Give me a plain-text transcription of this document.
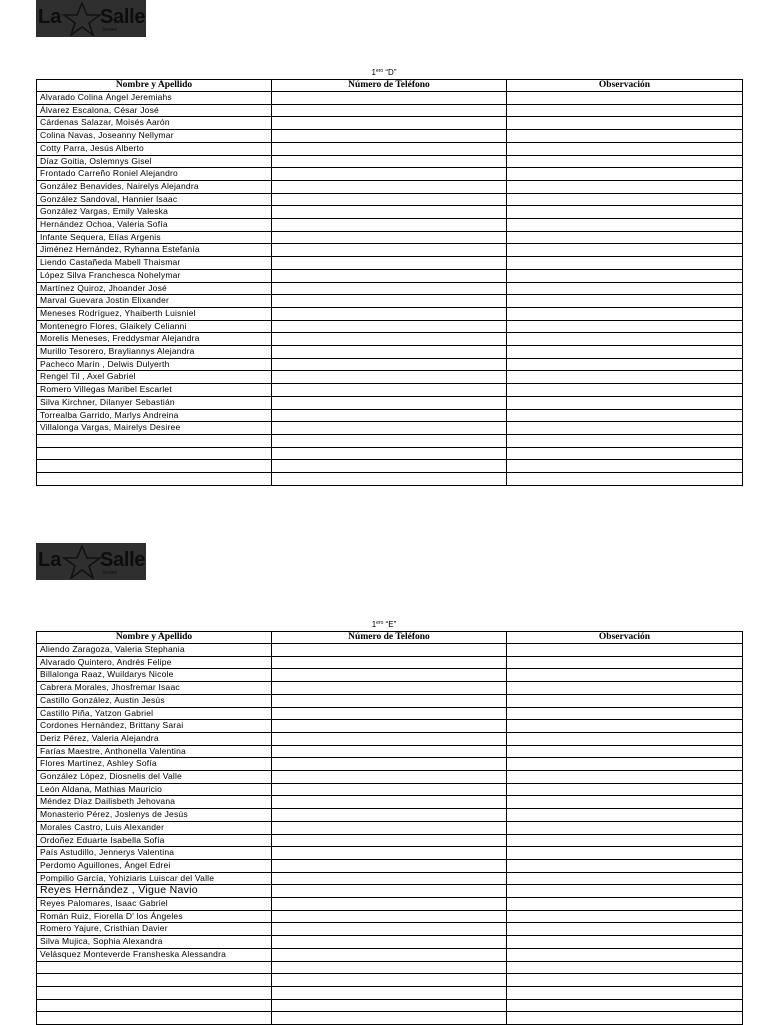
La Salle
Sesleo
$1^{ero}$ “D”
Nombre y Apellido	Número de Teléfono	Observación
Alvarado Colina Ángel Jeremiahs		
Álvarez Escalona, César José		
Cárdenas Salazar, Moisés Aarón		
Colina Navas, Joseanny Nellymar		
Cotty Parra, Jesús Alberto		
Díaz Goitia, Oslemnys Gisel		
Frontado Carreño Roniel Alejandro		
González Benavides, Nairelys Alejandra		
González Sandoval, Hannier Isaac		
González Vargas, Emily Valeska		
Hernández Ochoa, Valeria Sofía		
Infante Sequera, Elías Argenis		
Jiménez Hernández, Ryhanna Estefanía		
Liendo Castañeda Mabell Thaismar		
López Silva Franchesca Nohelymar		
Martínez Quiroz, Jhoander José		
Marval Guevara Jostin Elixander		
Meneses Rodríguez, Yhaiberth Luisniel		
Montenegro Flores, Glaikely Celianni		
Morelis Meneses, Freddysmar Alejandra		
Murillo Tesorero, Brayliannys Alejandra		
Pacheco Marín , Delwis Dulyerth		
Rengel Til , Axel Gabriel		
Romero Villegas Maribel Escarlet		
Silva Kirchner, Dilanyer Sebastián		
Torrealba Garrido, Marlys Andreina		
Villalonga Vargas, Mairelys Desiree		

La Salle
Sesleo
$1^{ero}$ “E”
Nombre y Apellido	Número de Teléfono	Observación
Aliendo Zaragoza, Valeria Stephania		
Alvarado Quintero, Andrés Felipe		
Billalonga Raaz, Wuildarys Nicole		
Cabrera Morales, Jhosfremar Isaac		
Castillo González, Austin Jesús		
Castillo Piña, Yatzon Gabriel		
Cordones Hernández, Brittany Sarai		
Deriz Pérez, Valeria Alejandra		
Farías Maestre, Anthonella Valentina		
Flores Martínez, Ashley Sofía		
González López, Diosnelis del Valle		
León Aldana, Mathias Mauricio		
Méndez Díaz Dailisbeth Jehovana		
Monasterio Pérez, Joslenys de Jesús		
Morales Castro, Luis Alexander		
Ordoñez Eduarte Isabella Sofía		
País Astudillo, Jennerys Valentina		
Perdomo Aguillones, Ángel Edrei		
Pompilio García, Yohiziaris Luiscar del Valle		
Reyes Hernández , Vigue Navio		
Reyes Palomares, Isaac Gabriel		
Román Ruiz, Fiorella D' los Ángeles		
Romero Yajure, Cristhian Davier		
Silva Mujica, Sophia Alexandra		
Velásquez Monteverde Fransheska Alessandra		
